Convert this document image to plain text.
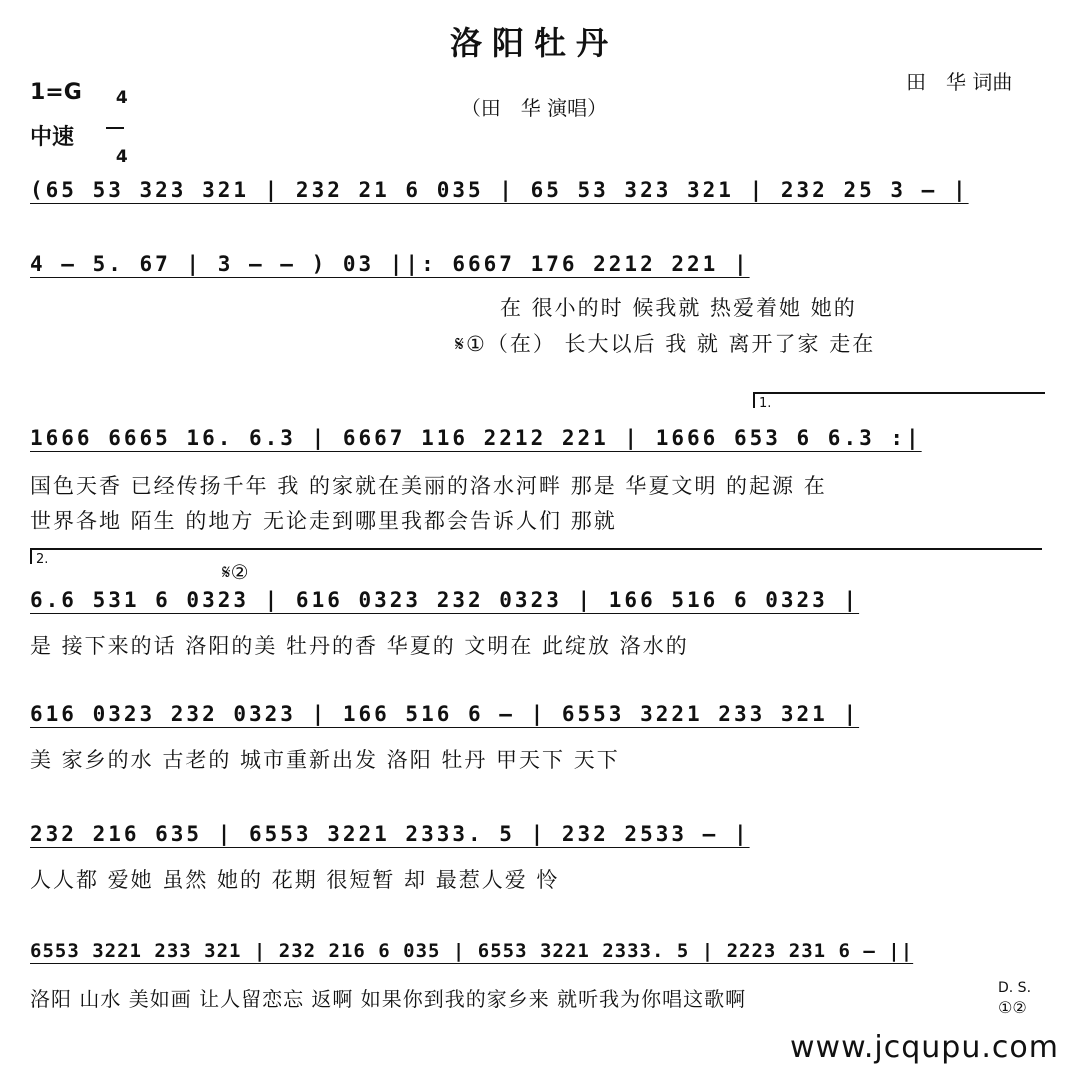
洛阳牡丹
（田　华 演唱）
田　华 词曲
1=G	4

4

中速
(65 53 323 321 | 232 21 6 035 | 65 53 323 321 | 232 25 3 – |
4 – 5. 67 | 3 – – ) 03 ||: 6667 176 2212 221 |
在 很小的时 候我就 热爱着她 她的
𝄋①（在） 长大以后 我 就 离开了家 走在
1.
1666 6665 16. 6.3 | 6667 116 2212 221 | 1666 653 6 6.3 :|
国色天香 已经传扬千年 我 的家就在美丽的洛水河畔 那是 华夏文明 的起源 在
世界各地 陌生 的地方 无论走到哪里我都会告诉人们 那就
2.
𝄋②
6.6 531 6 0323 | 616 0323 232 0323 | 166 516 6 0323 |
是 接下来的话 洛阳的美 牡丹的香 华夏的 文明在 此绽放 洛水的
616 0323 232 0323 | 166 516 6 – | 6553 3221 233 321 |
美 家乡的水 古老的 城市重新出发 洛阳 牡丹 甲天下 天下
232 216 635 | 6553 3221 2333. 5 | 232 2533 – |
人人都 爱她 虽然 她的 花期 很短暂 却 最惹人爱 怜
6553 3221 233 321 | 232 216 6 035 | 6553 3221 2333. 5 | 2223 231 6 – ||
洛阳 山水 美如画 让人留恋忘 返啊 如果你到我的家乡来 就听我为你唱这歌啊	D. S.
①②
www.jcqupu.com
